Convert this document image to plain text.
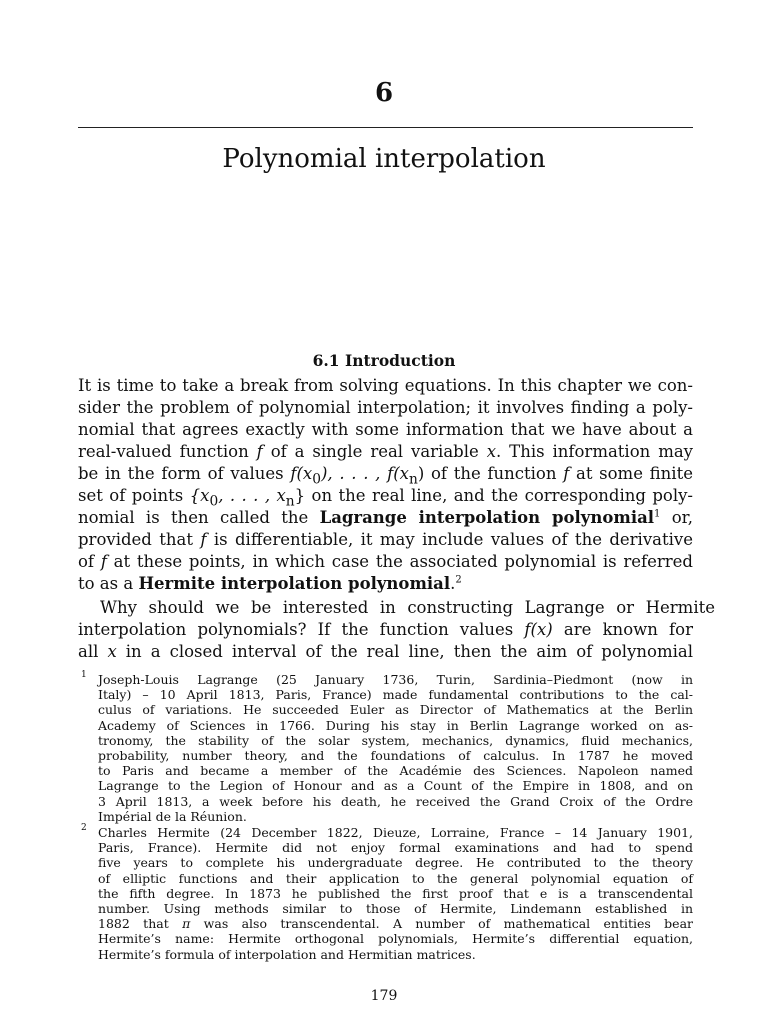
6
Polynomial interpolation
6.1 Introduction
It is time to take a break from solving equations. In this chapter we con-
sider the problem of polynomial interpolation; it involves finding a poly-
nomial that agrees exactly with some information that we have about a
real-valued function f of a single real variable x. This information may
be in the form of values $f(x_0)$, . . . , $f(x_n)$ of the function f at some finite
set of points {$x_0$, . . . , $x_n$} on the real line, and the corresponding poly-
nomial is then called the Lagrange interpolation polynomial$^1$ or,
provided that f is differentiable, it may include values of the derivative
of f at these points, in which case the associated polynomial is referred
to as a Hermite interpolation polynomial.$^2$
Why should we be interested in constructing Lagrange or Hermite
interpolation polynomials? If the function values f(x) are known for
all x in a closed interval of the real line, then the aim of polynomial
1 Joseph-Louis Lagrange (25 January 1736, Turin, Sardinia–Piedmont (now in
Italy) – 10 April 1813, Paris, France) made fundamental contributions to the cal-
culus of variations. He succeeded Euler as Director of Mathematics at the Berlin
Academy of Sciences in 1766. During his stay in Berlin Lagrange worked on as-
tronomy, the stability of the solar system, mechanics, dynamics, fluid mechanics,
probability, number theory, and the foundations of calculus. In 1787 he moved
to Paris and became a member of the Académie des Sciences. Napoleon named
Lagrange to the Legion of Honour and as a Count of the Empire in 1808, and on
3 April 1813, a week before his death, he received the Grand Croix of the Ordre
Impérial de la Réunion.
2 Charles Hermite (24 December 1822, Dieuze, Lorraine, France – 14 January 1901,
Paris, France). Hermite did not enjoy formal examinations and had to spend
five years to complete his undergraduate degree. He contributed to the theory
of elliptic functions and their application to the general polynomial equation of
the fifth degree. In 1873 he published the first proof that e is a transcendental
number. Using methods similar to those of Hermite, Lindemann established in
1882 that π was also transcendental. A number of mathematical entities bear
Hermite’s name: Hermite orthogonal polynomials, Hermite’s differential equation,
Hermite’s formula of interpolation and Hermitian matrices.
179
